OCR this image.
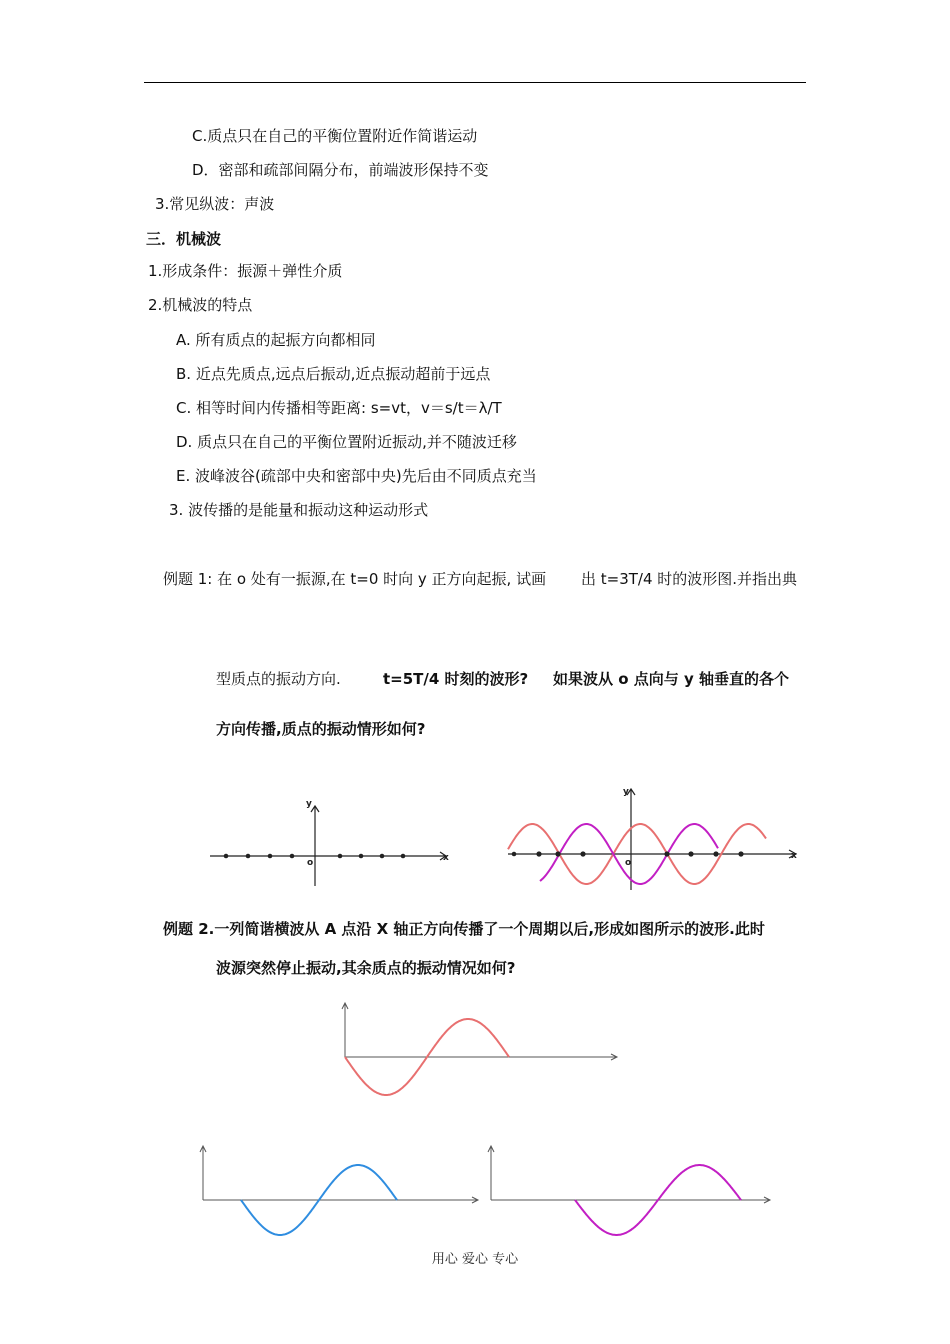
C.质点只在自己的平衡位置附近作简谐运动
D．密部和疏部间隔分布，前端波形保持不变
3.常见纵波：声波
三．机械波
1.形成条件：振源＋弹性介质
2.机械波的特点
A. 所有质点的起振方向都相同
B. 近点先质点,远点后振动,近点振动超前于远点
C. 相等时间内传播相等距离: s=vt，v＝s/t＝λ/T
D. 质点只在自己的平衡位置附近振动,并不随波迁移
E. 波峰波谷(疏部中央和密部中央)先后由不同质点充当
3. 波传播的是能量和振动这种运动形式
例题 1: 在 o 处有一振源,在 t=0 时向 y 正方向起振, 试画 出 t=3T/4 时的波形图.并指出典
型质点的振动方向.	t=5T/4 时刻的波形? 如果波从 o 点向与 y 轴垂直的各个
方向传播,质点的振动情形如何?
y
x
o
y
x
o
例题 2.一列简谐横波从 A 点沿 X 轴正方向传播了一个周期以后,形成如图所示的波形.此时
波源突然停止振动,其余质点的振动情况如何?
用心 爱心 专心
